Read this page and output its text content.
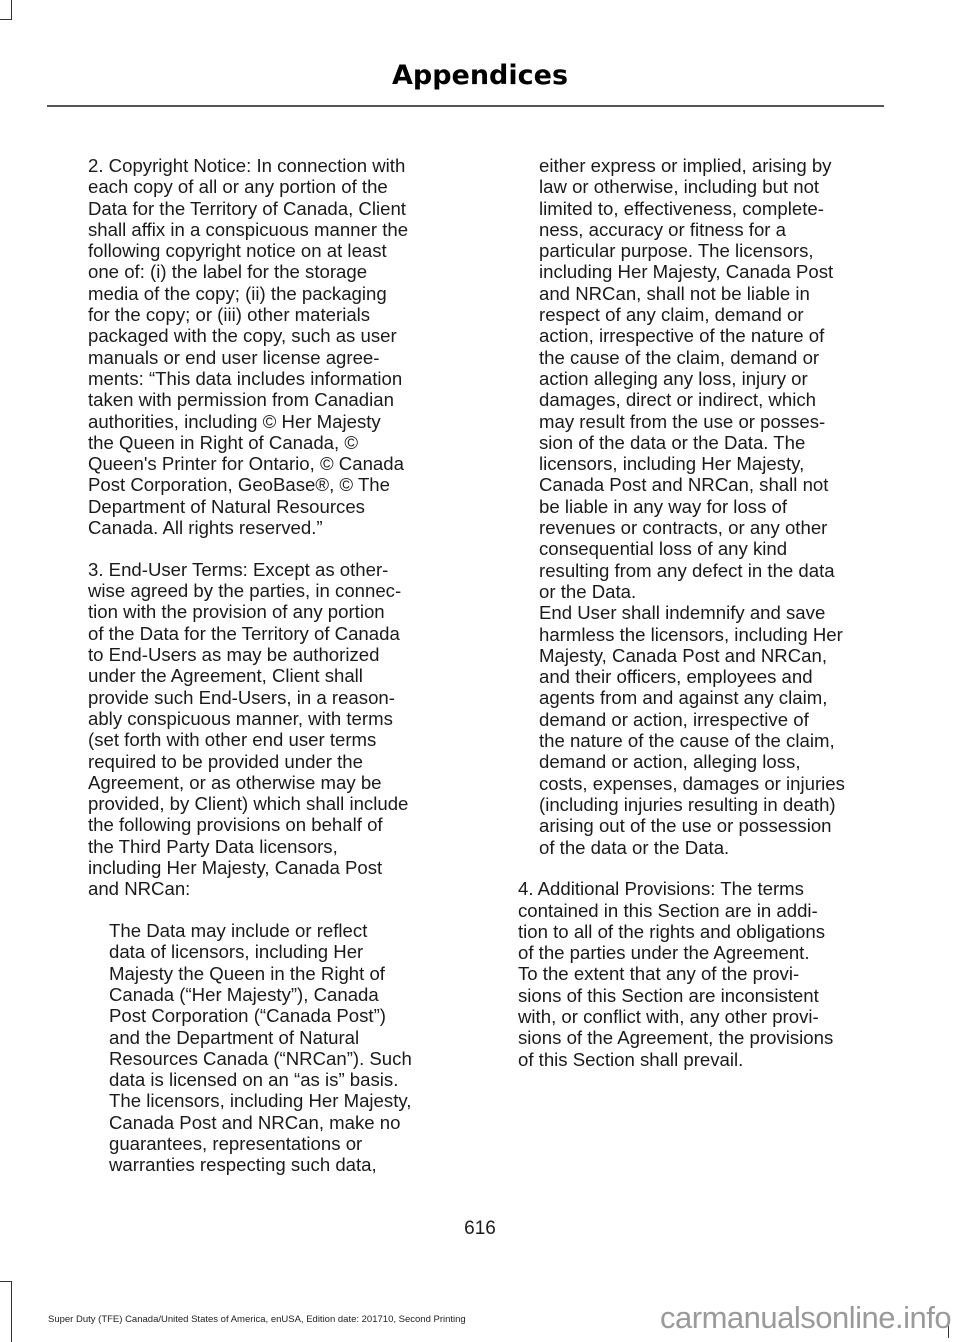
Appendices
2. Copyright Notice: In connection with
each copy of all or any portion of the
Data for the Territory of Canada, Client
shall affix in a conspicuous manner the
following copyright notice on at least
one of: (i) the label for the storage
media of the copy; (ii) the packaging
for the copy; or (iii) other materials
packaged with the copy, such as user
manuals or end user license agree-
ments: “This data includes information
taken with permission from Canadian
authorities, including © Her Majesty
the Queen in Right of Canada, ©
Queen's Printer for Ontario, © Canada
Post Corporation, GeoBase®, © The
Department of Natural Resources
Canada. All rights reserved.”
3. End-User Terms: Except as other-
wise agreed by the parties, in connec-
tion with the provision of any portion
of the Data for the Territory of Canada
to End-Users as may be authorized
under the Agreement, Client shall
provide such End-Users, in a reason-
ably conspicuous manner, with terms
(set forth with other end user terms
required to be provided under the
Agreement, or as otherwise may be
provided, by Client) which shall include
the following provisions on behalf of
the Third Party Data licensors,
including Her Majesty, Canada Post
and NRCan:
The Data may include or reflect
data of licensors, including Her
Majesty the Queen in the Right of
Canada (“Her Majesty”), Canada
Post Corporation (“Canada Post”)
and the Department of Natural
Resources Canada (“NRCan”). Such
data is licensed on an “as is” basis.
The licensors, including Her Majesty,
Canada Post and NRCan, make no
guarantees, representations or
warranties respecting such data,
either express or implied, arising by
law or otherwise, including but not
limited to, effectiveness, complete-
ness, accuracy or fitness for a
particular purpose. The licensors,
including Her Majesty, Canada Post
and NRCan, shall not be liable in
respect of any claim, demand or
action, irrespective of the nature of
the cause of the claim, demand or
action alleging any loss, injury or
damages, direct or indirect, which
may result from the use or posses-
sion of the data or the Data. The
licensors, including Her Majesty,
Canada Post and NRCan, shall not
be liable in any way for loss of
revenues or contracts, or any other
consequential loss of any kind
resulting from any defect in the data
or the Data.
End User shall indemnify and save
harmless the licensors, including Her
Majesty, Canada Post and NRCan,
and their officers, employees and
agents from and against any claim,
demand or action, irrespective of
the nature of the cause of the claim,
demand or action, alleging loss,
costs, expenses, damages or injuries
(including injuries resulting in death)
arising out of the use or possession
of the data or the Data.
4. Additional Provisions: The terms
contained in this Section are in addi-
tion to all of the rights and obligations
of the parties under the Agreement.
To the extent that any of the provi-
sions of this Section are inconsistent
with, or conflict with, any other provi-
sions of the Agreement, the provisions
of this Section shall prevail.
616
Super Duty (TFE) Canada/United States of America, enUSA, Edition date: 201710, Second Printing	carmanualsonline.info
